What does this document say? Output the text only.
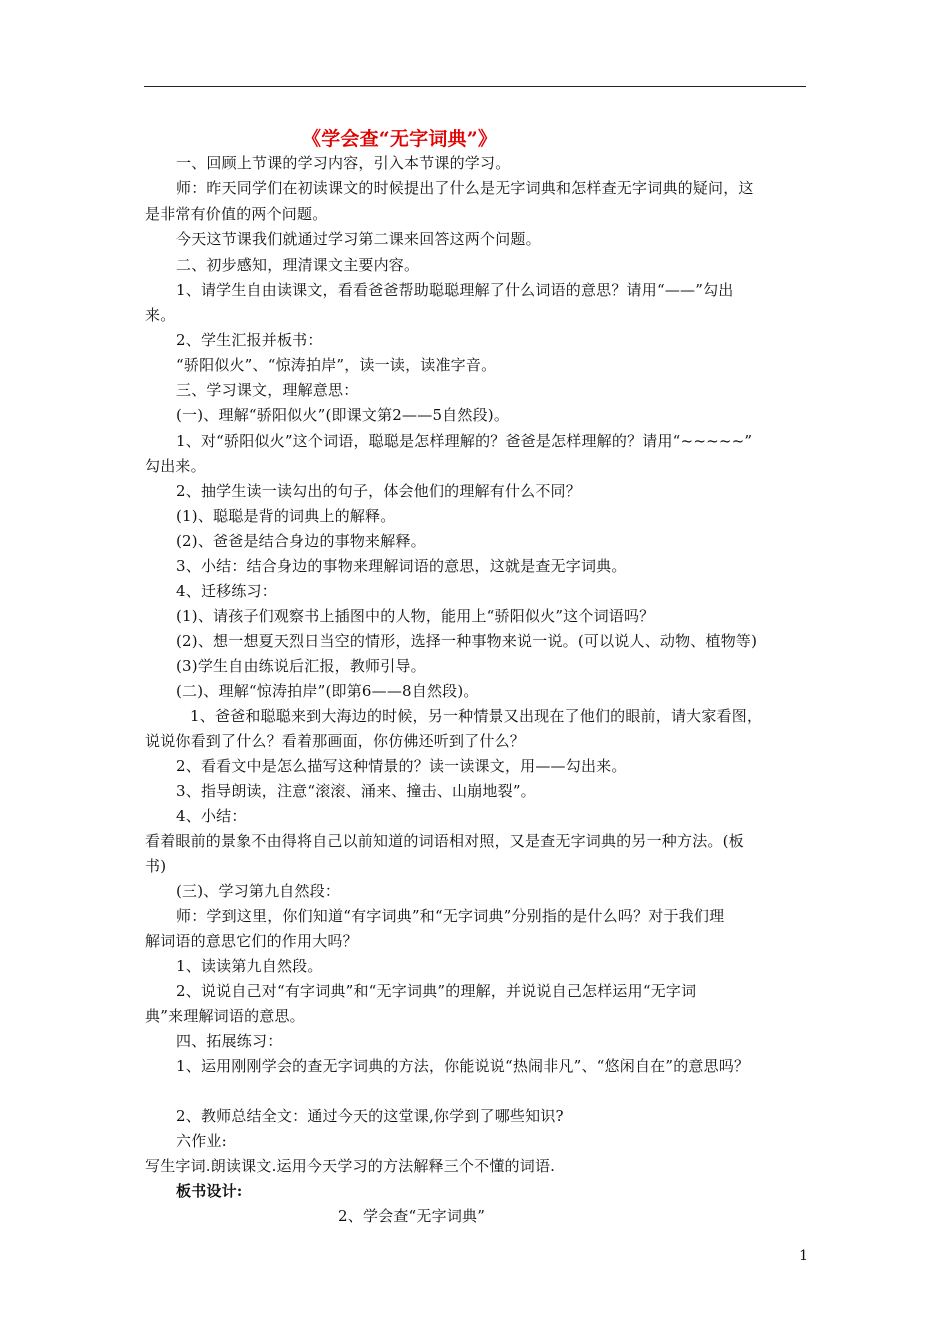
《学会查“无字词典”》
一、回顾上节课的学习内容，引入本节课的学习。
师：昨天同学们在初读课文的时候提出了什么是无字词典和怎样查无字词典的疑问，这
是非常有价值的两个问题。
今天这节课我们就通过学习第二课来回答这两个问题。
二、初步感知，理清课文主要内容。
1、请学生自由读课文，看看爸爸帮助聪聪理解了什么词语的意思？请用“——”勾出
来。
2、学生汇报并板书：
“骄阳似火”、“惊涛拍岸”，读一读，读准字音。
三、学习课文，理解意思：
(一)、理解“骄阳似火”(即课文第2——5自然段)。
1、对“骄阳似火”这个词语，聪聪是怎样理解的？爸爸是怎样理解的？请用“~~~~~”
勾出来。
2、抽学生读一读勾出的句子，体会他们的理解有什么不同？
(1)、聪聪是背的词典上的解释。
(2)、爸爸是结合身边的事物来解释。
3、小结：结合身边的事物来理解词语的意思，这就是查无字词典。
4、迁移练习：
(1)、请孩子们观察书上插图中的人物，能用上“骄阳似火”这个词语吗？
(2)、想一想夏天烈日当空的情形，选择一种事物来说一说。(可以说人、动物、植物等)
(3)学生自由练说后汇报，教师引导。
(二)、理解“惊涛拍岸”(即第6——8自然段)。
1、爸爸和聪聪来到大海边的时候，另一种情景又出现在了他们的眼前，请大家看图，
说说你看到了什么？看着那画面，你仿佛还听到了什么？
2、看看文中是怎么描写这种情景的？读一读课文，用——勾出来。
3、指导朗读，注意“滚滚、涌来、撞击、山崩地裂”。
4、小结：
看着眼前的景象不由得将自己以前知道的词语相对照，又是查无字词典的另一种方法。(板
书)
(三)、学习第九自然段：
师：学到这里，你们知道“有字词典”和“无字词典”分别指的是什么吗？对于我们理
解词语的意思它们的作用大吗？
1、读读第九自然段。
2、说说自己对“有字词典”和“无字词典”的理解，并说说自己怎样运用“无字词
典”来理解词语的意思。
四、拓展练习：
1、运用刚刚学会的查无字词典的方法，你能说说“热闹非凡”、“悠闲自在”的意思吗？
2、教师总结全文：通过今天的这堂课,你学到了哪些知识?
六作业:
写生字词.朗读课文.运用今天学习的方法解释三个不懂的词语.
板书设计:
2、学会查“无字词典”
1
